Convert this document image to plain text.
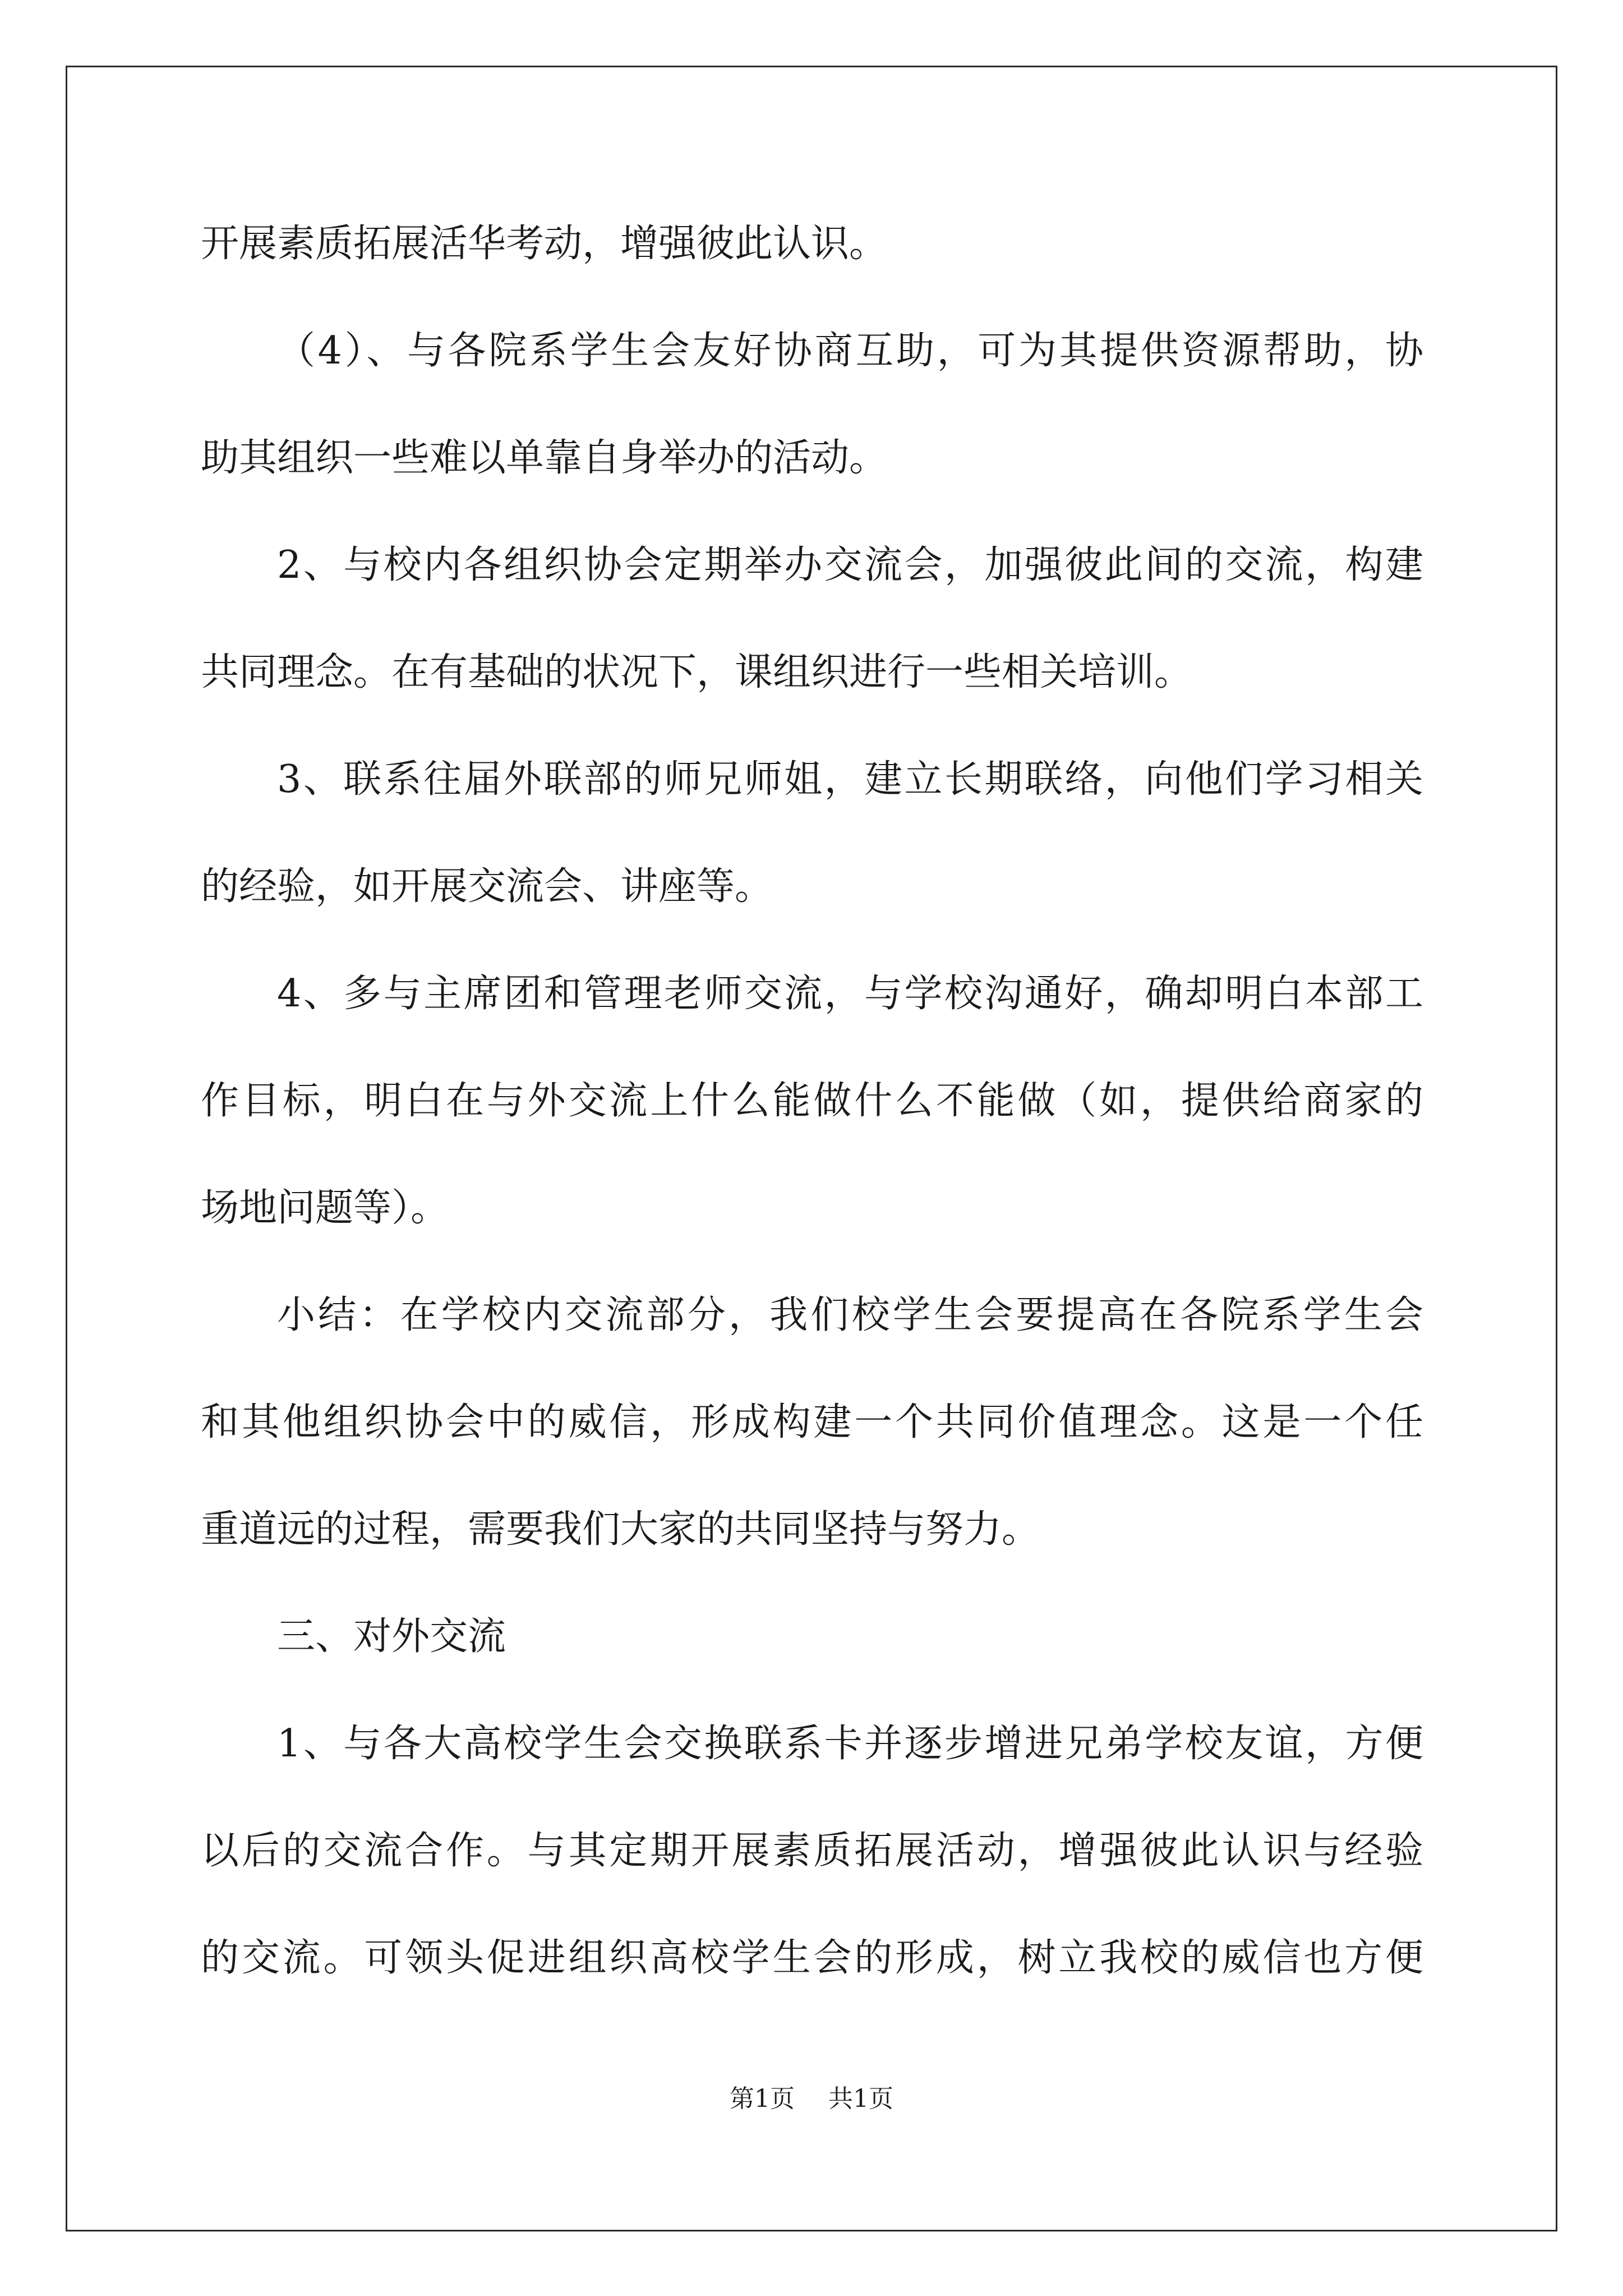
开展素质拓展活华考动，增强彼此认识。
（4）、与各院系学生会友好协商互助，可为其提供资源帮助，协
助其组织一些难以单靠自身举办的活动。
2、与校内各组织协会定期举办交流会，加强彼此间的交流，构建
共同理念。在有基础的状况下，课组织进行一些相关培训。
3、联系往届外联部的师兄师姐，建立长期联络，向他们学习相关
的经验，如开展交流会、讲座等。
4、多与主席团和管理老师交流，与学校沟通好，确却明白本部工
作目标，明白在与外交流上什么能做什么不能做（如，提供给商家的
场地问题等）。
小结：在学校内交流部分，我们校学生会要提高在各院系学生会
和其他组织协会中的威信，形成构建一个共同价值理念。这是一个任
重道远的过程，需要我们大家的共同坚持与努力。
三、对外交流
1、与各大高校学生会交换联系卡并逐步增进兄弟学校友谊，方便
以后的交流合作。与其定期开展素质拓展活动，增强彼此认识与经验
的交流。可领头促进组织高校学生会的形成，树立我校的威信也方便
第1页 共1页
